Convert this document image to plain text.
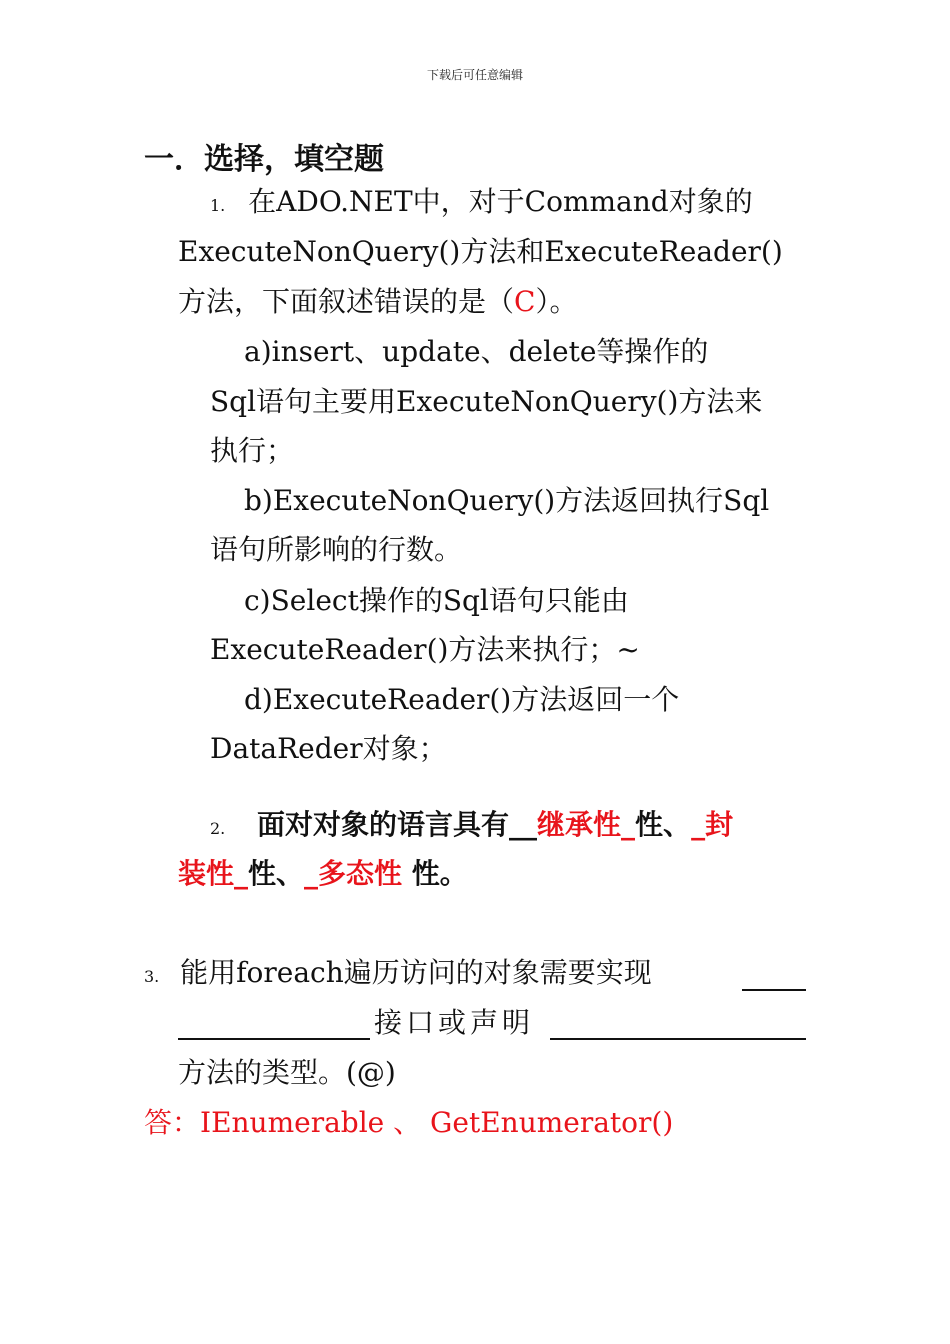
下载后可任意编辑
一．选择，填空题
1. 在ADO.NET中，对于Command对象的
ExecuteNonQuery()方法和ExecuteReader()
方法，下面叙述错误的是（C）。
a)insert、update、delete等操作的
Sql语句主要用ExecuteNonQuery()方法来
执行；
b)ExecuteNonQuery()方法返回执行Sql
语句所影响的行数。
c)Select操作的Sql语句只能由
ExecuteReader()方法来执行；~
d)ExecuteReader()方法返回一个
DataReder对象；
2. 面对对象的语言具有__继承性_性、_封
装性_性、_多态性 性。
3. 能用foreach遍历访问的对象需要实现
接口或声明
方法的类型。(@)
答：IEnumerable 、 GetEnumerator()
